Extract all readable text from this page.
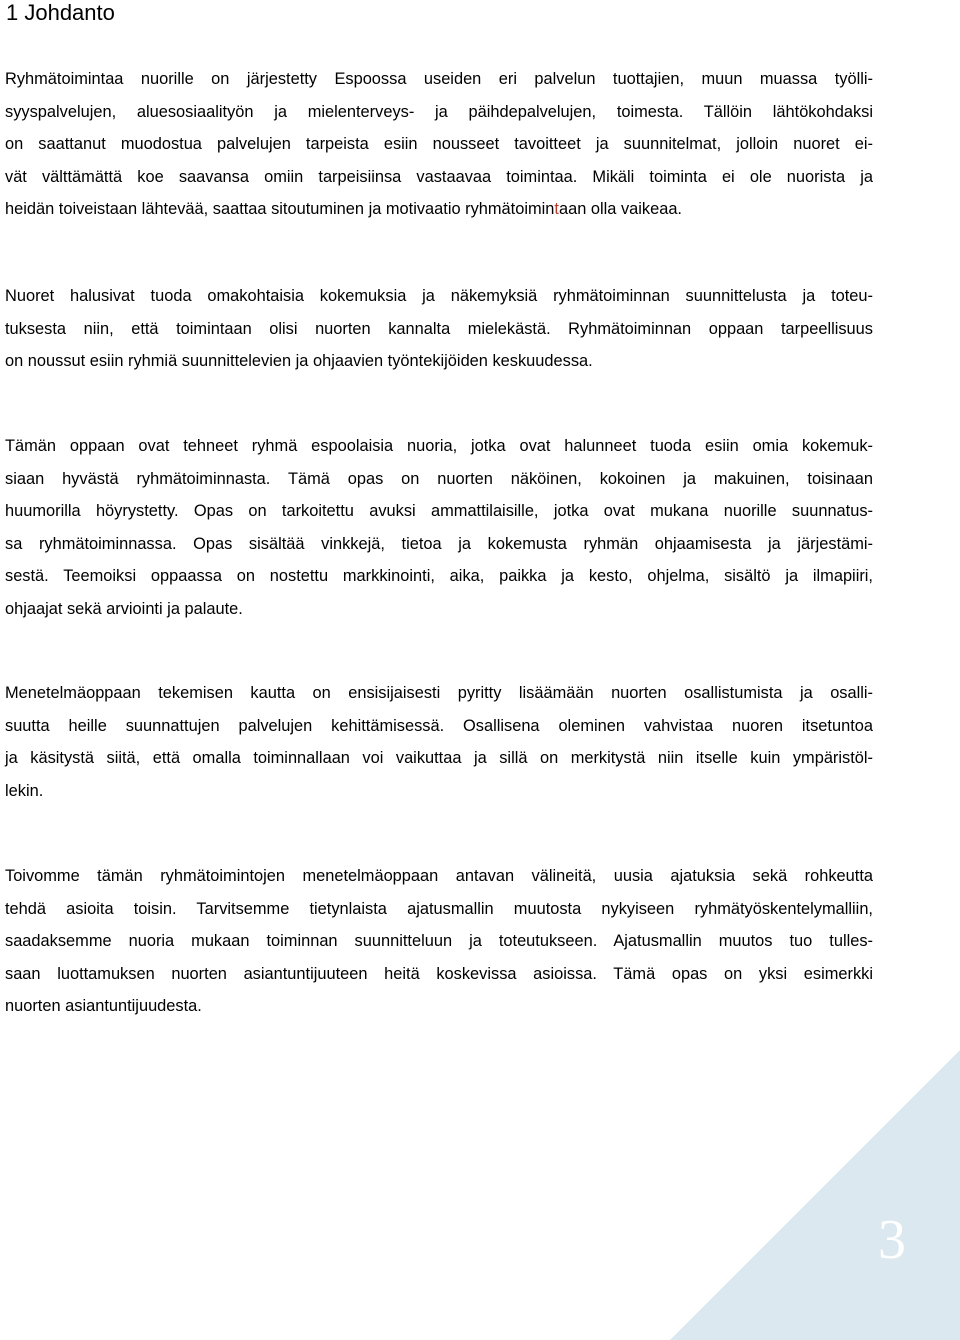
1 Johdanto
Ryhmätoimintaa nuorille on järjestetty Espoossa useiden eri palvelun tuottajien, muun muassa työlli-
syyspalvelujen, aluesosiaalityön ja mielenterveys- ja päihdepalvelujen, toimesta. Tällöin lähtökohdaksi
on saattanut muodostua palvelujen tarpeista esiin nousseet tavoitteet ja suunnitelmat, jolloin nuoret ei-
vät välttämättä koe saavansa omiin tarpeisiinsa vastaavaa toimintaa. Mikäli toiminta ei ole nuorista ja
heidän toiveistaan lähtevää, saattaa sitoutuminen ja motivaatio ryhmätoimintaan olla vaikeaa.
Nuoret halusivat tuoda omakohtaisia kokemuksia ja näkemyksiä ryhmätoiminnan suunnittelusta ja toteu-
tuksesta niin, että toimintaan olisi nuorten kannalta mielekästä. Ryhmätoiminnan oppaan tarpeellisuus
on noussut esiin ryhmiä suunnittelevien ja ohjaavien työntekijöiden keskuudessa.
Tämän oppaan ovat tehneet ryhmä espoolaisia nuoria, jotka ovat halunneet tuoda esiin omia kokemuk-
siaan hyvästä ryhmätoiminnasta. Tämä opas on nuorten näköinen, kokoinen ja makuinen, toisinaan
huumorilla höyrystetty. Opas on tarkoitettu avuksi ammattilaisille, jotka ovat mukana nuorille suunnatus-
sa ryhmätoiminnassa. Opas sisältää vinkkejä, tietoa ja kokemusta ryhmän ohjaamisesta ja järjestämi-
sestä. Teemoiksi oppaassa on nostettu markkinointi, aika, paikka ja kesto, ohjelma, sisältö ja ilmapiiri,
ohjaajat sekä arviointi ja palaute.
Menetelmäoppaan tekemisen kautta on ensisijaisesti pyritty lisäämään nuorten osallistumista ja osalli-
suutta heille suunnattujen palvelujen kehittämisessä. Osallisena oleminen vahvistaa nuoren itsetuntoa
ja käsitystä siitä, että omalla toiminnallaan voi vaikuttaa ja sillä on merkitystä niin itselle kuin ympäristöl-
lekin.
Toivomme tämän ryhmätoimintojen menetelmäoppaan antavan välineitä, uusia ajatuksia sekä rohkeutta
tehdä asioita toisin. Tarvitsemme tietynlaista ajatusmallin muutosta nykyiseen ryhmätyöskentelymalliin,
saadaksemme nuoria mukaan toiminnan suunnitteluun ja toteutukseen. Ajatusmallin muutos tuo tulles-
saan luottamuksen nuorten asiantuntijuuteen heitä koskevissa asioissa. Tämä opas on yksi esimerkki
nuorten asiantuntijuudesta.
3
